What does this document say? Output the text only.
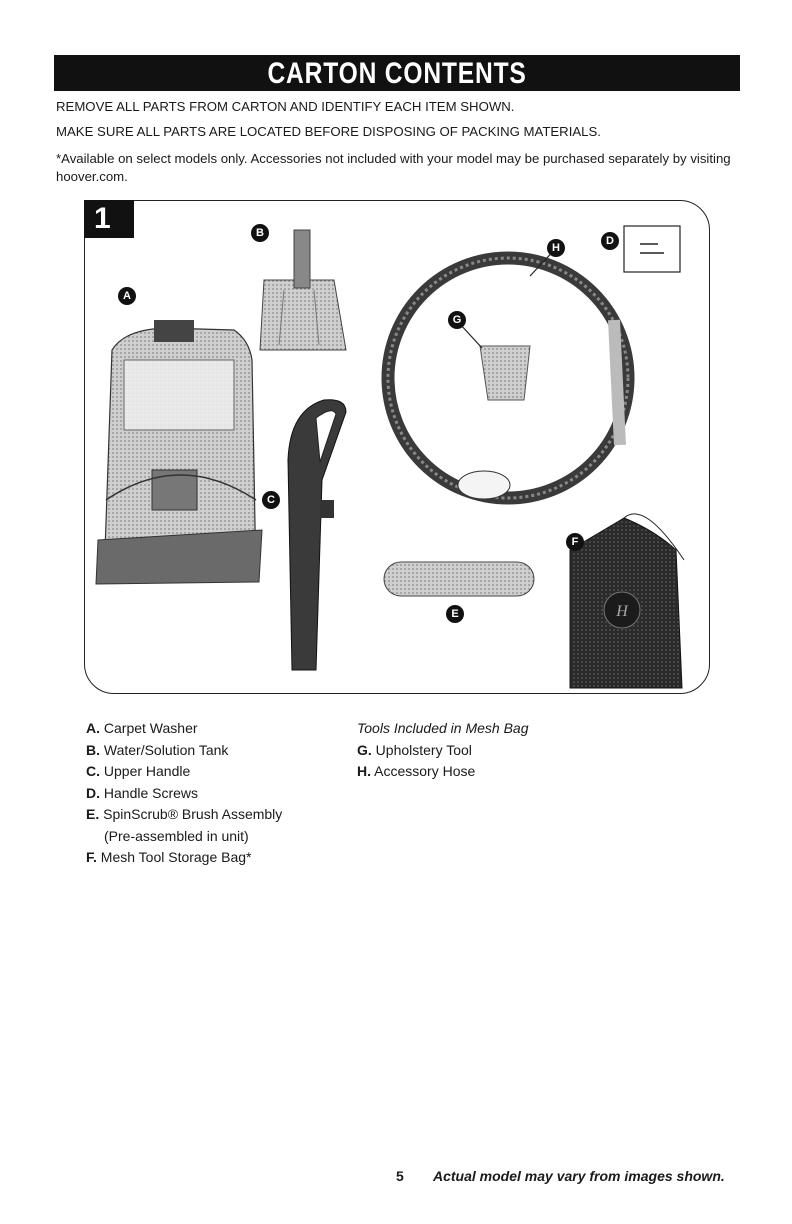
CARTON CONTENTS
REMOVE ALL PARTS FROM CARTON AND IDENTIFY EACH ITEM SHOWN.
MAKE SURE ALL PARTS ARE LOCATED BEFORE DISPOSING OF PACKING MATERIALS.
*Available on select models only. Accessories not included with your model may be purchased separately by visiting hoover.com.
H
1	B
A
H
D
G
C
F
E
A. Carpet Washer
B. Water/Solution Tank
C. Upper Handle
D. Handle Screws
E. SpinScrub® Brush Assembly
(Pre-assembled in unit)
F. Mesh Tool Storage Bag*
Tools Included in Mesh Bag
G. Upholstery Tool
H. Accessory Hose
5 Actual model may vary from images shown.
